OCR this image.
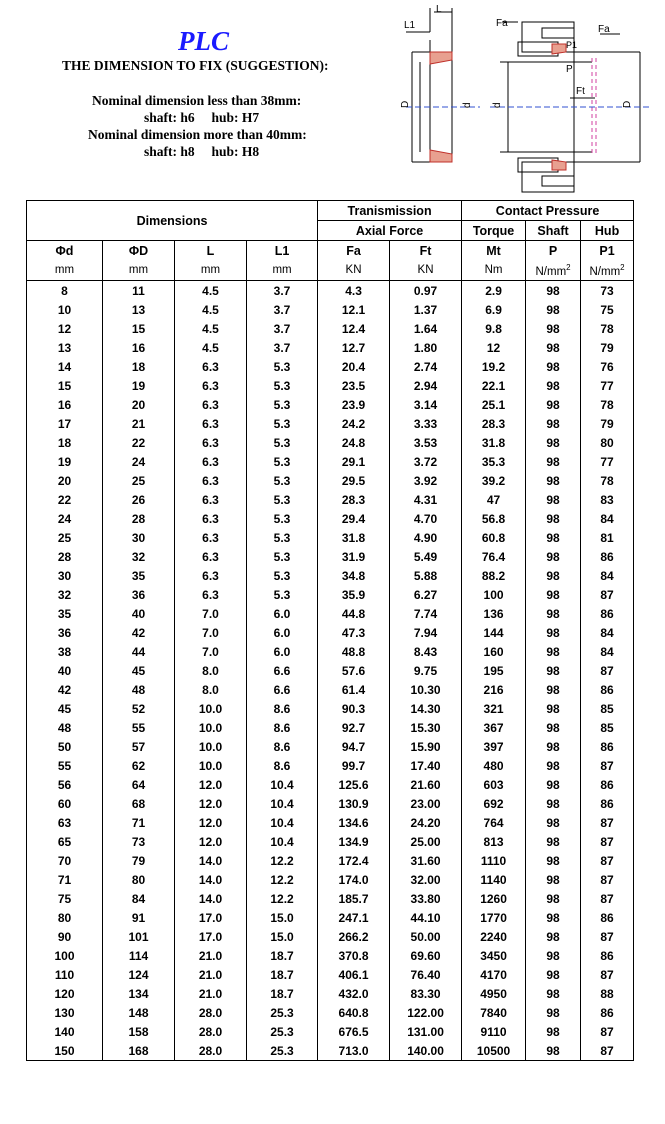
PLC
THE DIMENSION TO FIX (SUGGESTION):
Nominal dimension less than 38mm:
shaft: h6     hub: H7
Nominal dimension more than 40mm:
shaft: h8     hub: H8
L1
L
D	d
Fa
Fa
P
P1
Ft
d	D
Dimensions				Tranismission		Contact Pressure		
				Axial Force		Torque	Shaft	Hub
Φd	ΦD	L	L1	Fa	Ft	Mt	P	P1
mm	mm	mm	mm	KN	KN	Nm	$N/mm^2$	$N/mm^2$
8	11	4.5	3.7	4.3	0.97	2.9	98	73
10	13	4.5	3.7	12.1	1.37	6.9	98	75
12	15	4.5	3.7	12.4	1.64	9.8	98	78
13	16	4.5	3.7	12.7	1.80	12	98	79
14	18	6.3	5.3	20.4	2.74	19.2	98	76
15	19	6.3	5.3	23.5	2.94	22.1	98	77
16	20	6.3	5.3	23.9	3.14	25.1	98	78
17	21	6.3	5.3	24.2	3.33	28.3	98	79
18	22	6.3	5.3	24.8	3.53	31.8	98	80
19	24	6.3	5.3	29.1	3.72	35.3	98	77
20	25	6.3	5.3	29.5	3.92	39.2	98	78
22	26	6.3	5.3	28.3	4.31	47	98	83
24	28	6.3	5.3	29.4	4.70	56.8	98	84
25	30	6.3	5.3	31.8	4.90	60.8	98	81
28	32	6.3	5.3	31.9	5.49	76.4	98	86
30	35	6.3	5.3	34.8	5.88	88.2	98	84
32	36	6.3	5.3	35.9	6.27	100	98	87
35	40	7.0	6.0	44.8	7.74	136	98	86
36	42	7.0	6.0	47.3	7.94	144	98	84
38	44	7.0	6.0	48.8	8.43	160	98	84
40	45	8.0	6.6	57.6	9.75	195	98	87
42	48	8.0	6.6	61.4	10.30	216	98	86
45	52	10.0	8.6	90.3	14.30	321	98	85
48	55	10.0	8.6	92.7	15.30	367	98	85
50	57	10.0	8.6	94.7	15.90	397	98	86
55	62	10.0	8.6	99.7	17.40	480	98	87
56	64	12.0	10.4	125.6	21.60	603	98	86
60	68	12.0	10.4	130.9	23.00	692	98	86
63	71	12.0	10.4	134.6	24.20	764	98	87
65	73	12.0	10.4	134.9	25.00	813	98	87
70	79	14.0	12.2	172.4	31.60	1110	98	87
71	80	14.0	12.2	174.0	32.00	1140	98	87
75	84	14.0	12.2	185.7	33.80	1260	98	87
80	91	17.0	15.0	247.1	44.10	1770	98	86
90	101	17.0	15.0	266.2	50.00	2240	98	87
100	114	21.0	18.7	370.8	69.60	3450	98	86
110	124	21.0	18.7	406.1	76.40	4170	98	87
120	134	21.0	18.7	432.0	83.30	4950	98	88
130	148	28.0	25.3	640.8	122.00	7840	98	86
140	158	28.0	25.3	676.5	131.00	9110	98	87
150	168	28.0	25.3	713.0	140.00	10500	98	87
